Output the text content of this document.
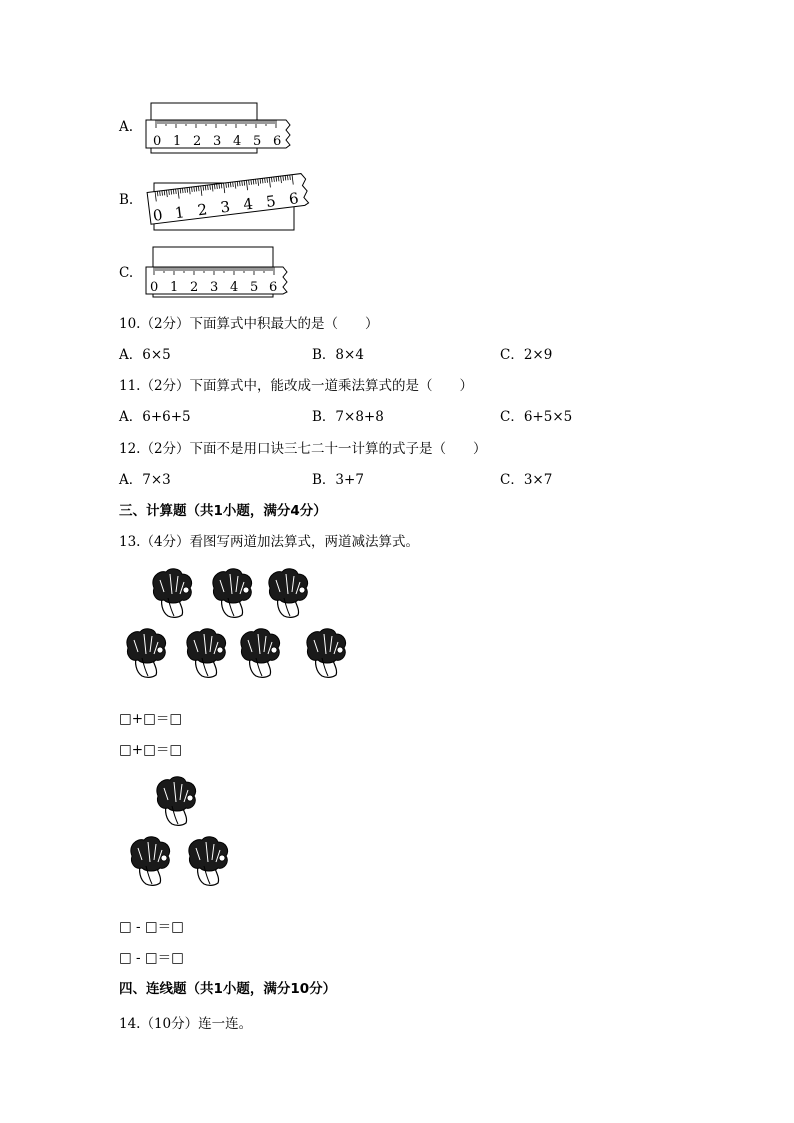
A.
0 1 2 3 4 5 6
B.
0 1 2 3 4 5 6
C.
0 1 2 3 4 5 6
10.（2分）下面算式中积最大的是（　　）
A．6×5	B．8×4	C．2×9
11.（2分）下面算式中，能改成一道乘法算式的是（　　）
A．6+6+5	B．7×8+8	C．6+5×5
12.（2分）下面不是用口诀三七二十一计算的式子是（　　）
A．7×3	B．3+7	C．3×7
三、计算题（共1小题，满分4分）
13.（4分）看图写两道加法算式，两道减法算式。
□+□＝□
□+□＝□
□ - □＝□
□ - □＝□
四、连线题（共1小题，满分10分）
14.（10分）连一连。
